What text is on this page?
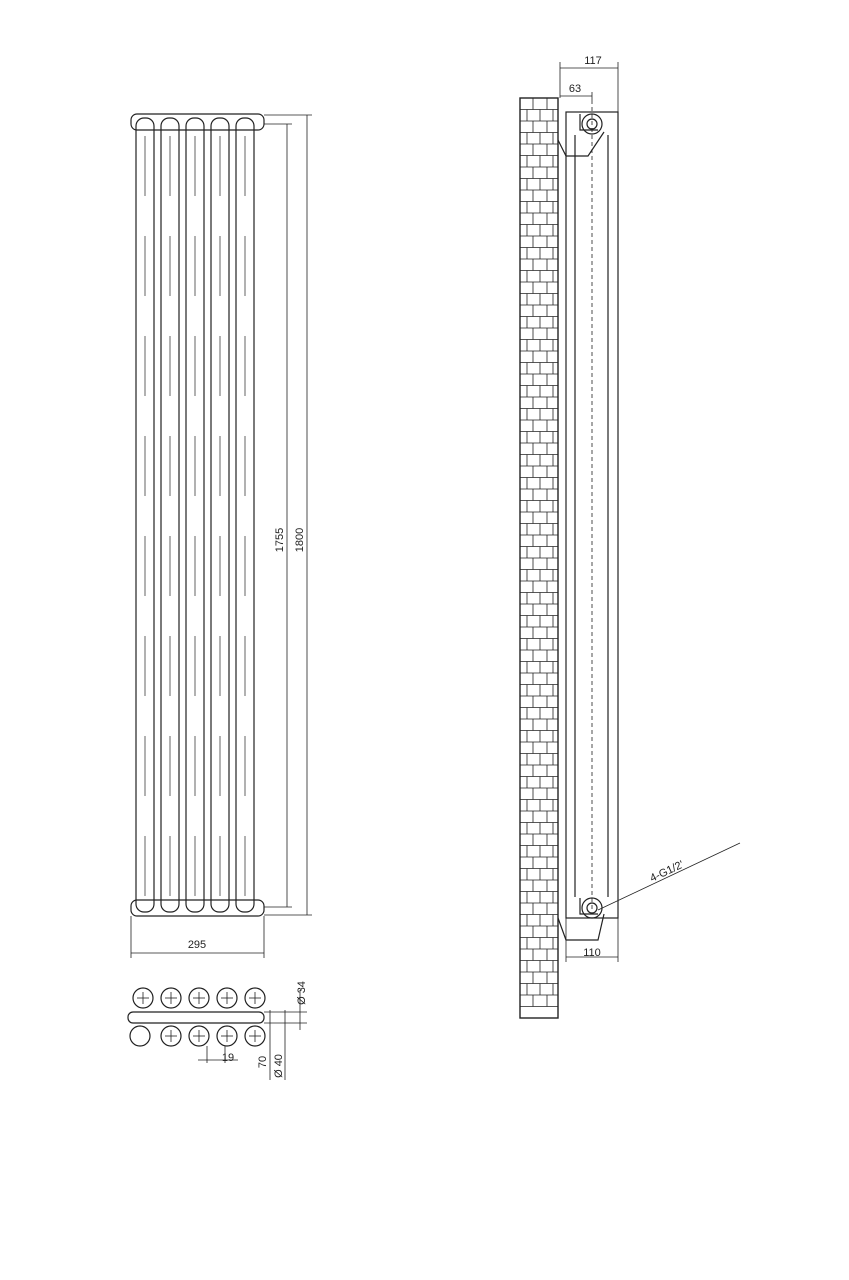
1755 1800
295
Ø 34
19 70 Ø 40
117
63
110
4-G1/2'
